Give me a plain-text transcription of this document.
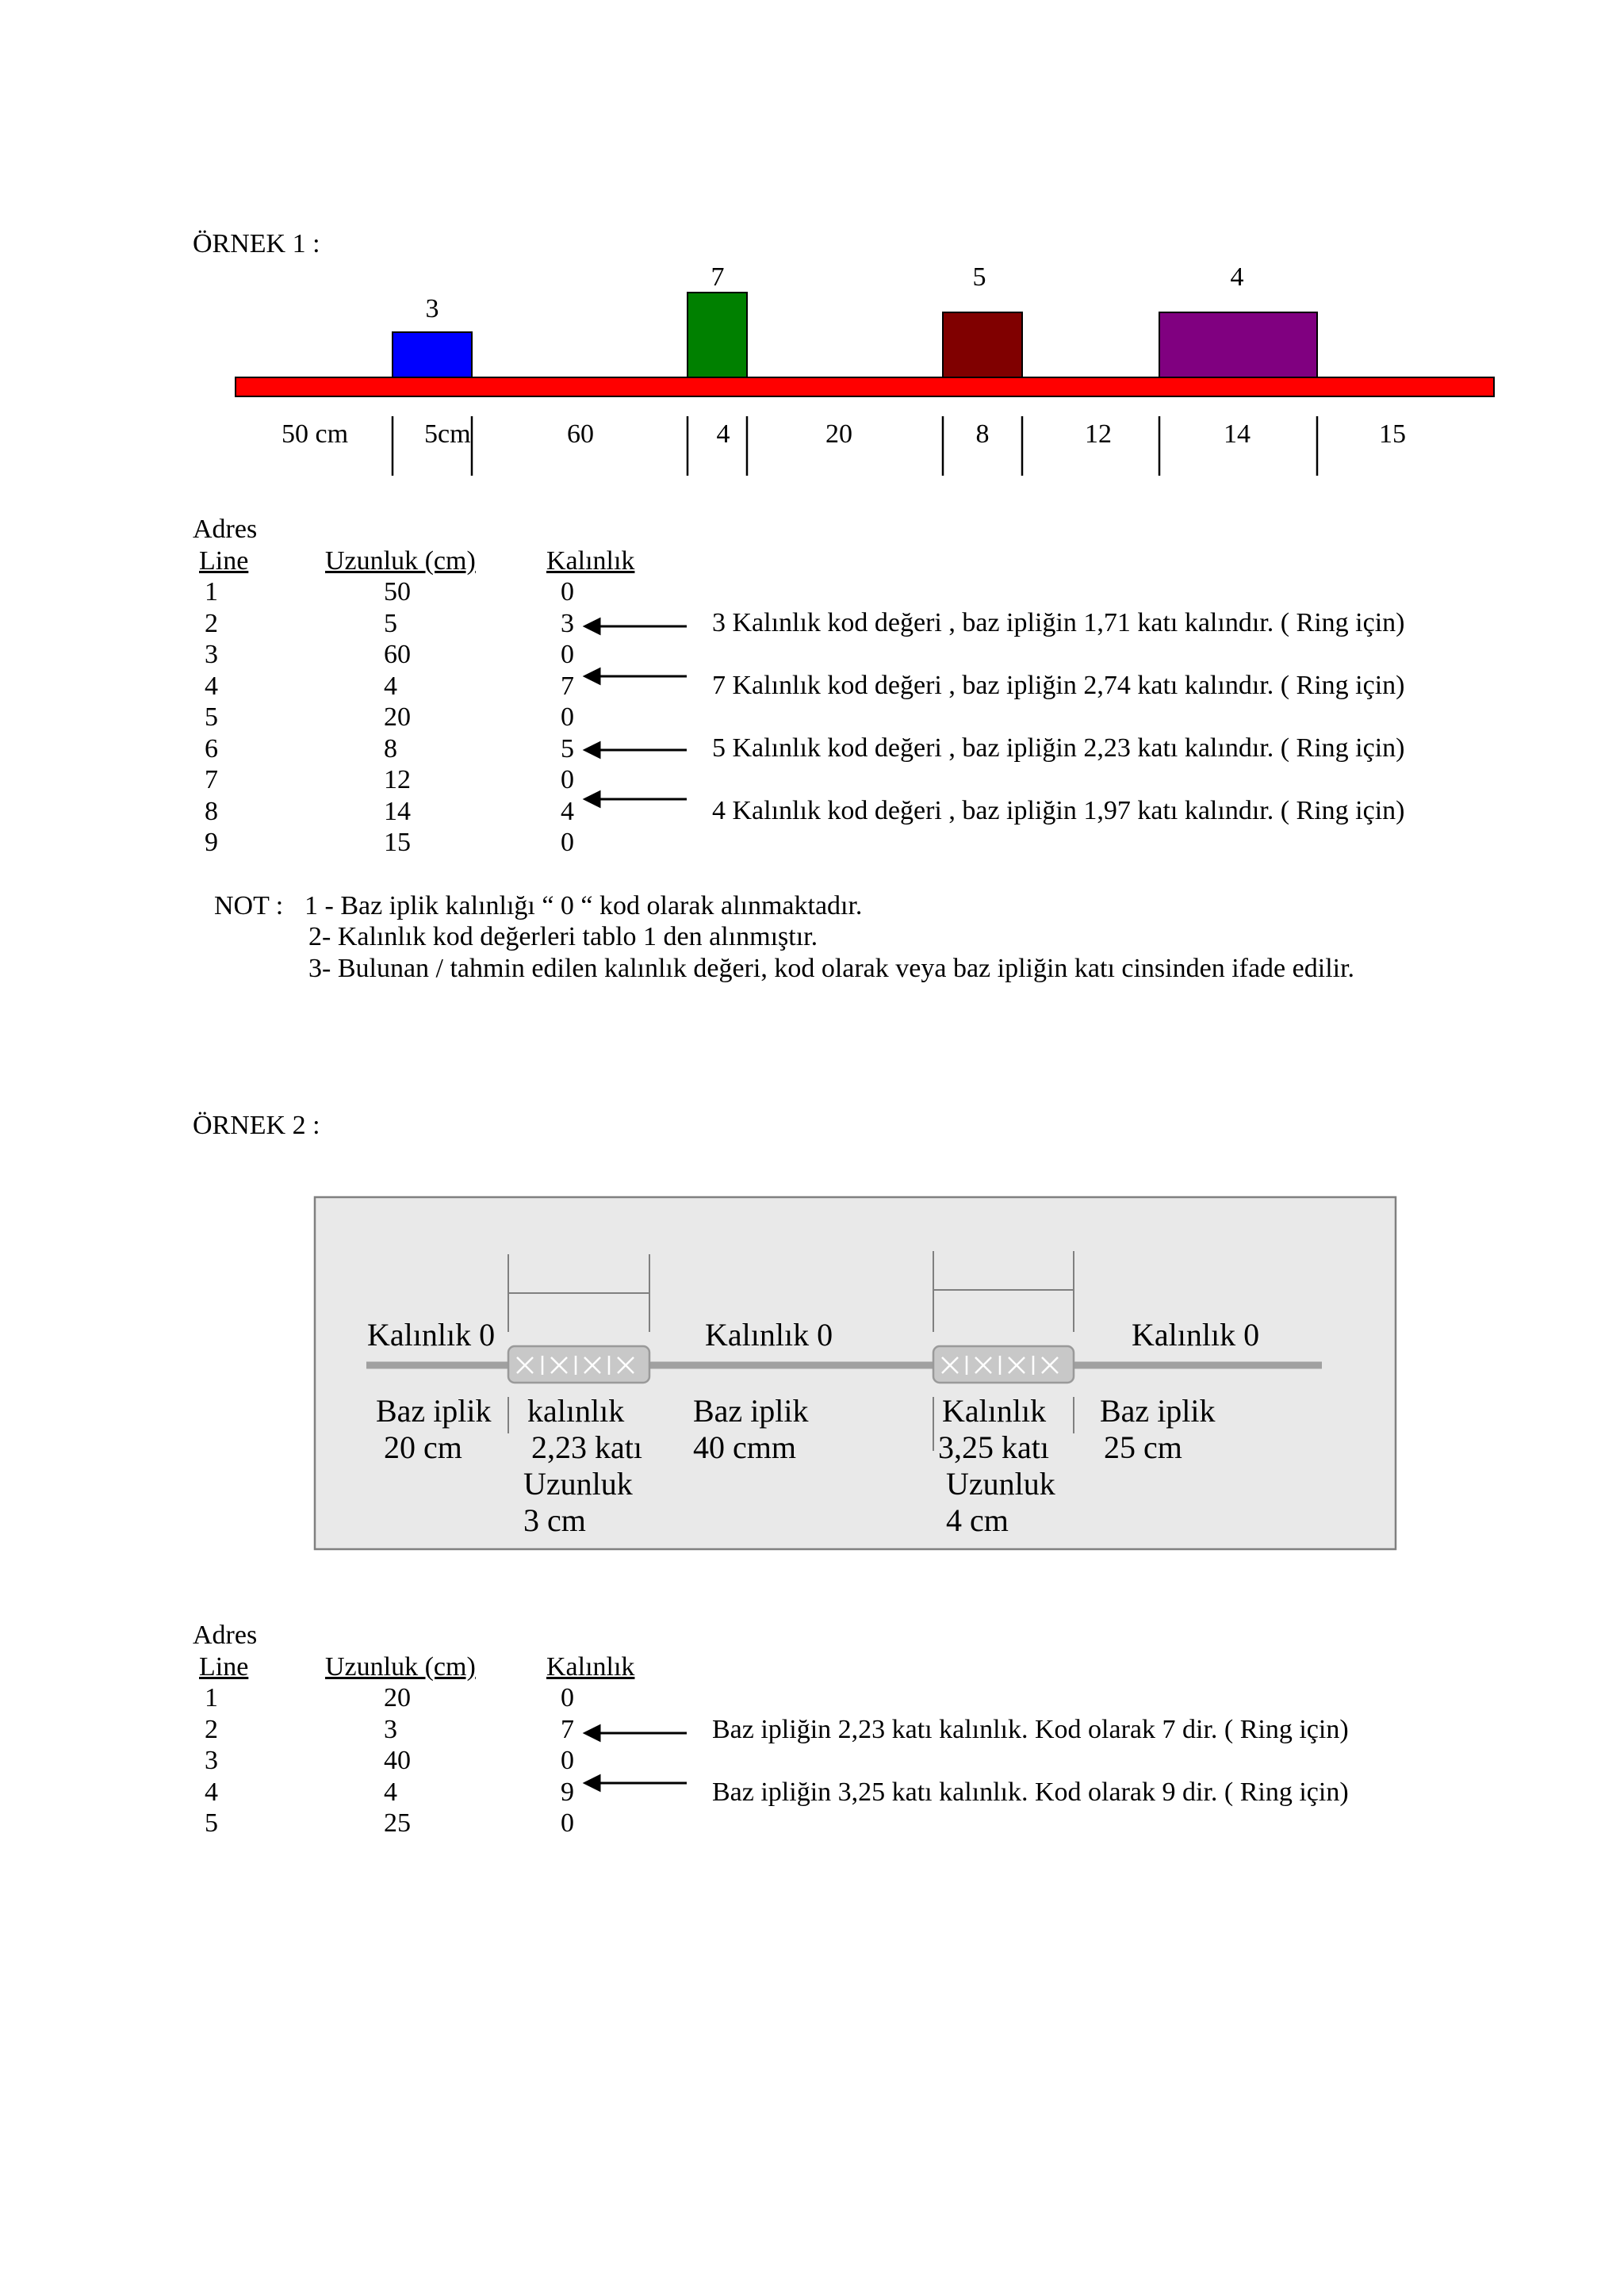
ÖRNEK 1 :
3
7	5	4
50 cm	5cm	60	4	20	8	12	14	15
Adres
Line	Uzunluk (cm)	Kalınlık
1	50	0
2	5	3
3	60	0
4	4	7
5	20	0
6	8	5
7	12	0
8	14	4
9	15	0
3 Kalınlık kod değeri , baz ipliğin 1,71 katı kalındır. ( Ring için)
7 Kalınlık kod değeri , baz ipliğin 2,74 katı kalındır. ( Ring için)
5 Kalınlık kod değeri , baz ipliğin 2,23 katı kalındır. ( Ring için)
4 Kalınlık kod değeri , baz ipliğin 1,97 katı kalındır. ( Ring için)
NOT : 1 - Baz iplik kalınlığı “ 0 “ kod olarak alınmaktadır.
2- Kalınlık kod değerleri tablo 1 den alınmıştır.
3- Bulunan / tahmin edilen kalınlık değeri, kod olarak veya baz ipliğin katı cinsinden ifade edilir.
ÖRNEK 2 :
Kalınlık 0	Kalınlık 0	Kalınlık 0
Baz iplik
20 cm
kalınlık
2,23 katı
Uzunluk
3 cm
Baz iplik
40 cmm
Kalınlık
3,25 katı
Uzunluk
4 cm
Baz iplik
25 cm
Adres
Line	Uzunluk (cm)	Kalınlık
1	20	0
2	3	7
3	40	0
4	4	9
5	25	0
Baz ipliğin 2,23 katı kalınlık. Kod olarak 7 dir. ( Ring için)
Baz ipliğin 3,25 katı kalınlık. Kod olarak 9 dir. ( Ring için)
